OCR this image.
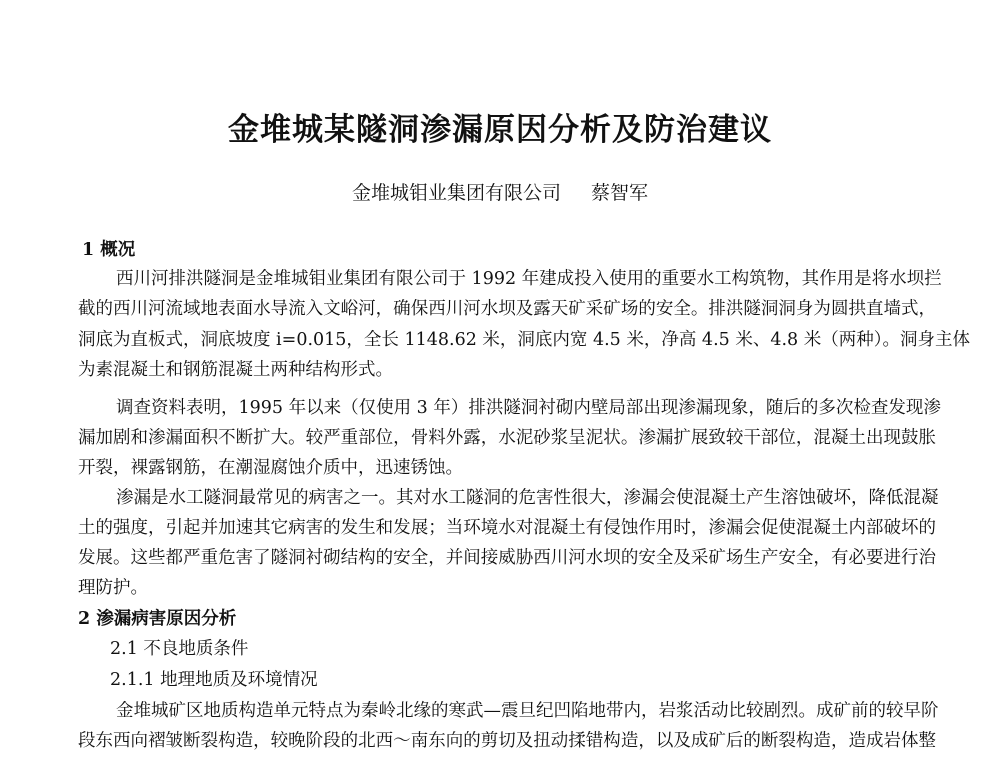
金堆城某隧洞渗漏原因分析及防治建议
金堆城钼业集团有限公司 蔡智军
1 概况
西川河排洪隧洞是金堆城钼业集团有限公司于 1992 年建成投入使用的重要水工构筑物，其作用是将水坝拦
截的西川河流域地表面水导流入文峪河，确保西川河水坝及露天矿采矿场的安全。排洪隧洞洞身为圆拱直墙式，
洞底为直板式，洞底坡度 i=0.015，全长 1148.62 米，洞底内宽 4.5 米，净高 4.5 米、4.8 米（两种）。洞身主体
为素混凝土和钢筋混凝土两种结构形式。
调查资料表明，1995 年以来（仅使用 3 年）排洪隧洞衬砌内壁局部出现渗漏现象，随后的多次检查发现渗
漏加剧和渗漏面积不断扩大。较严重部位，骨料外露，水泥砂浆呈泥状。渗漏扩展致较干部位，混凝土出现鼓胀
开裂，裸露钢筋，在潮湿腐蚀介质中，迅速锈蚀。
渗漏是水工隧洞最常见的病害之一。其对水工隧洞的危害性很大，渗漏会使混凝土产生溶蚀破坏，降低混凝
土的强度，引起并加速其它病害的发生和发展；当环境水对混凝土有侵蚀作用时，渗漏会促使混凝土内部破坏的
发展。这些都严重危害了隧洞衬砌结构的安全，并间接威胁西川河水坝的安全及采矿场生产安全，有必要进行治
理防护。
2 渗漏病害原因分析
2.1 不良地质条件
2.1.1 地理地质及环境情况
金堆城矿区地质构造单元特点为秦岭北缘的寒武—震旦纪凹陷地带内，岩浆活动比较剧烈。成矿前的较早阶
段东西向褶皱断裂构造，较晚阶段的北西～南东向的剪切及扭动揉错构造，以及成矿后的断裂构造，造成岩体整
